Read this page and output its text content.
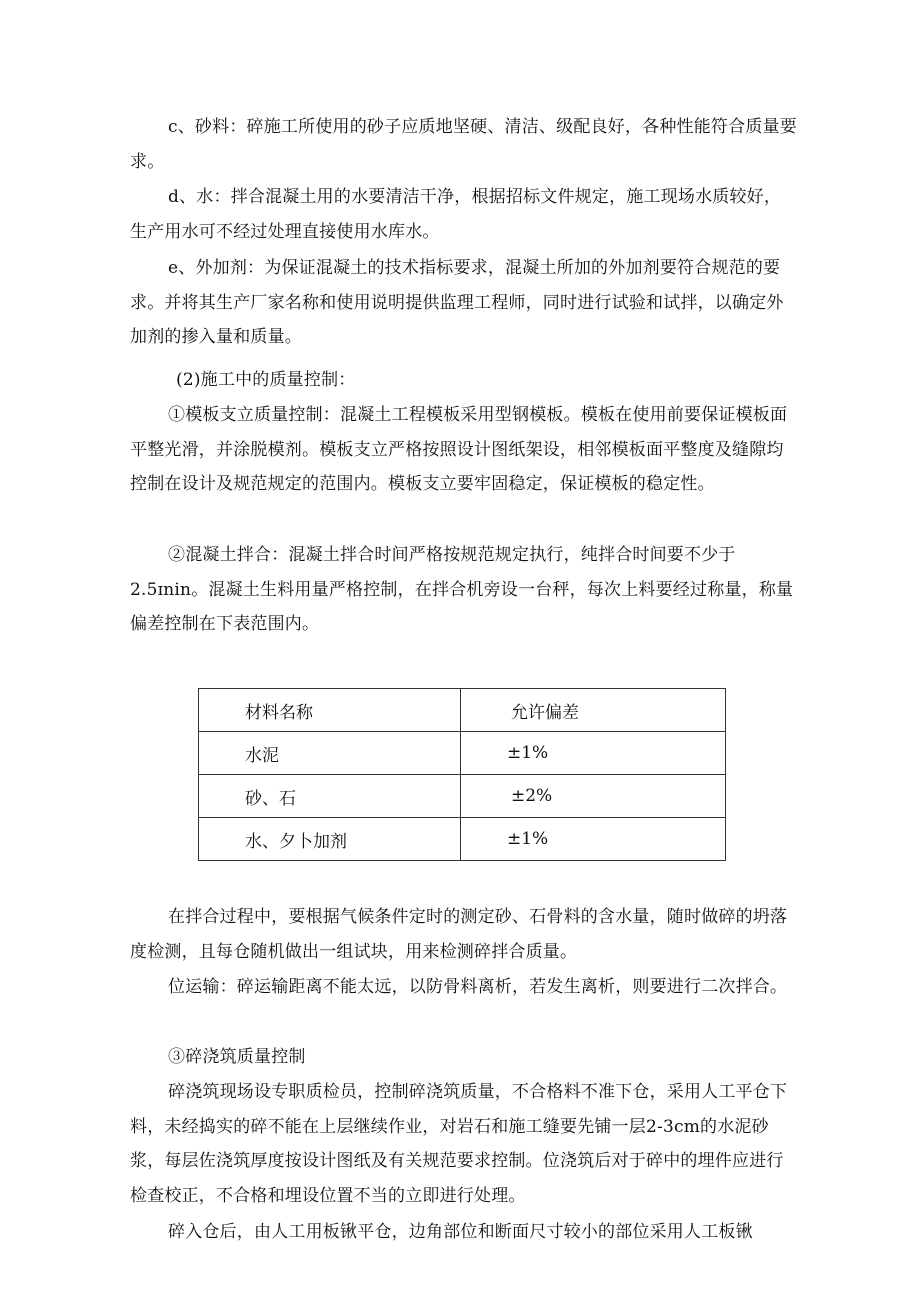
c、砂料：碎施工所使用的砂子应质地坚硬、清洁、级配良好，各种性能符合质量要求。

d、水：拌合混凝土用的水要清洁干净，根据招标文件规定，施工现场水质较好，生产用水可不经过处理直接使用水库水。

e、外加剂：为保证混凝土的技术指标要求，混凝土所加的外加剂要符合规范的要求。并将其生产厂家名称和使用说明提供监理工程师，同时进行试验和试拌，以确定外加剂的掺入量和质量。

(2)施工中的质量控制：

①模板支立质量控制：混凝土工程模板采用型钢模板。模板在使用前要保证模板面平整光滑，并涂脱模剂。模板支立严格按照设计图纸架设，相邻模板面平整度及缝隙均控制在设计及规范规定的范围内。模板支立要牢固稳定，保证模板的稳定性。

②混凝土拌合：混凝土拌合时间严格按规范规定执行，纯拌合时间要不少于2.5ɪnin。混凝土生料用量严格控制，在拌合机旁设一台秤，每次上料要经过称量，称量偏差控制在下表范围内。

材料名称	允许偏差
水泥	±1%
砂、石	±2%
水、夕卜加剂	±1%

在拌合过程中，要根据气候条件定时的测定砂、石骨料的含水量，随时做碎的坍落度检测，且每仓随机做出一组试块，用来检测碎拌合质量。

位运输：碎运输距离不能太远，以防骨料离析，若发生离析，则要进行二次拌合。

③碎浇筑质量控制

碎浇筑现场设专职质检员，控制碎浇筑质量，不合格料不准下仓，采用人工平仓下料，未经捣实的碎不能在上层继续作业，对岩石和施工缝要先铺一层2-3cm的水泥砂浆，每层佐浇筑厚度按设计图纸及有关规范要求控制。位浇筑后对于碎中的埋件应进行检查校正，不合格和埋设位置不当的立即进行处理。

碎入仓后，由人工用板锹平仓，边角部位和断面尺寸较小的部位采用人工板锹
